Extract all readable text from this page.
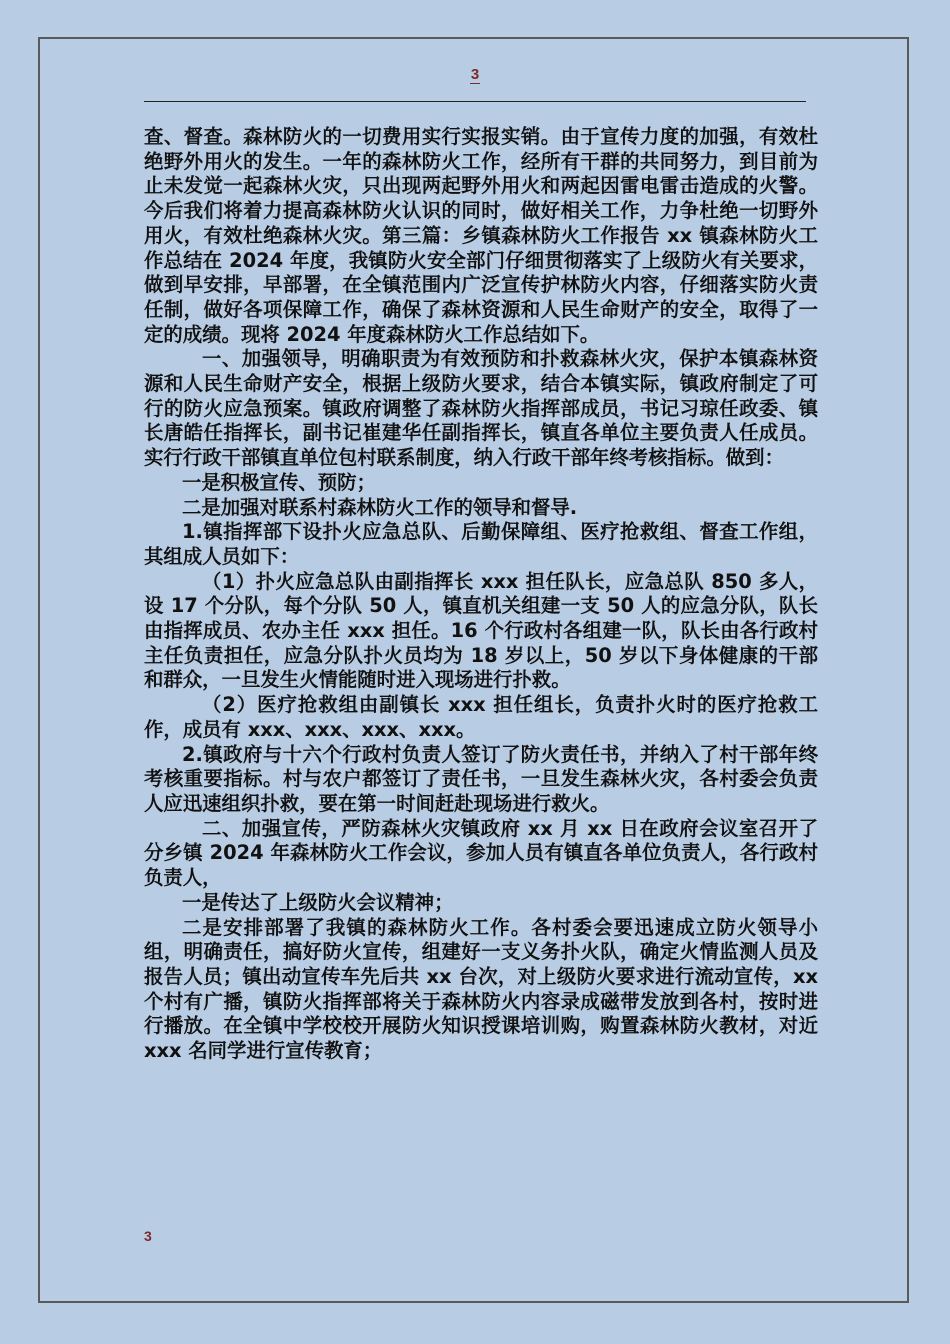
3

查、督查。森林防火的一切费用实行实报实销。由于宣传力度的加强，有效杜绝野外用火的发生。一年的森林防火工作，经所有干群的共同努力，到目前为止未发觉一起森林火灾，只出现两起野外用火和两起因雷电雷击造成的火警。今后我们将着力提高森林防火认识的同时，做好相关工作，力争杜绝一切野外用火，有效杜绝森林火灾。第三篇：乡镇森林防火工作报告 xx 镇森林防火工作总结在 2024 年度，我镇防火安全部门仔细贯彻落实了上级防火有关要求，做到早安排，早部署，在全镇范围内广泛宣传护林防火内容，仔细落实防火责任制，做好各项保障工作，确保了森林资源和人民生命财产的安全，取得了一定的成绩。现将 2024 年度森林防火工作总结如下。

一、加强领导，明确职责为有效预防和扑救森林火灾，保护本镇森林资源和人民生命财产安全，根据上级防火要求，结合本镇实际，镇政府制定了可行的防火应急预案。镇政府调整了森林防火指挥部成员，书记习琼任政委、镇长唐皓任指挥长，副书记崔建华任副指挥长，镇直各单位主要负责人任成员。实行行政干部镇直单位包村联系制度，纳入行政干部年终考核指标。做到：

一是积极宣传、预防；

二是加强对联系村森林防火工作的领导和督导.

1.镇指挥部下设扑火应急总队、后勤保障组、医疗抢救组、督查工作组，其组成人员如下：

（1）扑火应急总队由副指挥长 xxx 担任队长，应急总队 850 多人，设 17 个分队，每个分队 50 人，镇直机关组建一支 50 人的应急分队，队长由指挥成员、农办主任 xxx 担任。16 个行政村各组建一队，队长由各行政村主任负责担任，应急分队扑火员均为 18 岁以上，50 岁以下身体健康的干部和群众，一旦发生火情能随时进入现场进行扑救。

（2）医疗抢救组由副镇长 xxx 担任组长，负责扑火时的医疗抢救工作，成员有 xxx、xxx、xxx、xxx。

2.镇政府与十六个行政村负责人签订了防火责任书，并纳入了村干部年终考核重要指标。村与农户都签订了责任书，一旦发生森林火灾，各村委会负责人应迅速组织扑救，要在第一时间赶赴现场进行救火。

二、加强宣传，严防森林火灾镇政府 xx 月 xx 日在政府会议室召开了分乡镇 2024 年森林防火工作会议，参加人员有镇直各单位负责人，各行政村负责人，

一是传达了上级防火会议精神；

二是安排部署了我镇的森林防火工作。各村委会要迅速成立防火领导小组，明确责任，搞好防火宣传，组建好一支义务扑火队，确定火情监测人员及报告人员；镇出动宣传车先后共 xx 台次，对上级防火要求进行流动宣传，xx 个村有广播，镇防火指挥部将关于森林防火内容录成磁带发放到各村，按时进行播放。在全镇中学校校开展防火知识授课培训购，购置森林防火教材，对近 xxx 名同学进行宣传教育；

3
